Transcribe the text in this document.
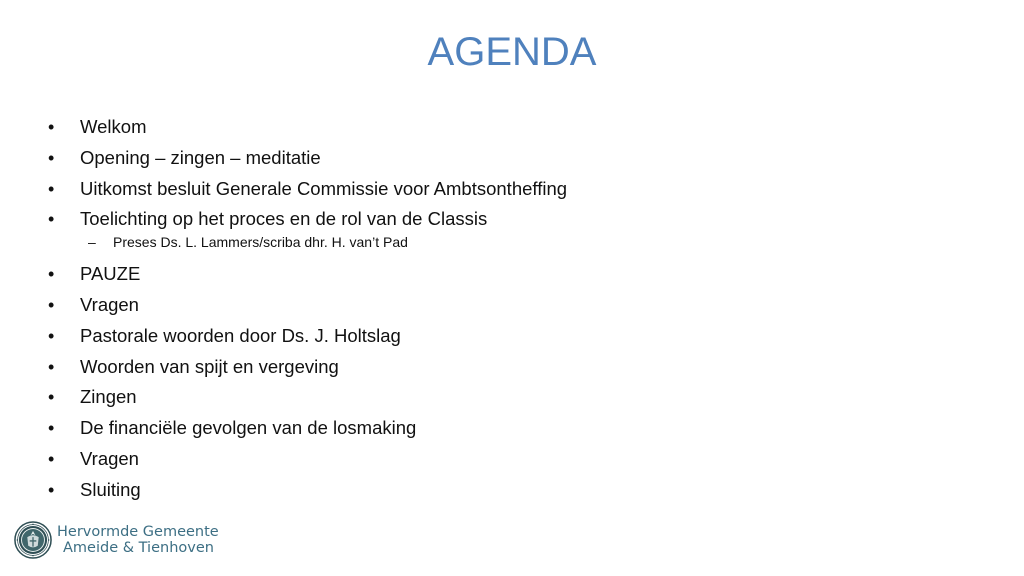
AGENDA
•	Welkom
•	Opening – zingen – meditatie
•	Uitkomst besluit Generale Commissie voor Ambtsontheffing
•	Toelichting op het proces en de rol van de Classis
–	Preses Ds. L. Lammers/scriba dhr. H. van’t Pad
•	PAUZE
•	Vragen
•	Pastorale woorden door Ds. J. Holtslag
•	Woorden van spijt en vergeving
•	Zingen
•	De financiële gevolgen van de losmaking
•	Vragen
•	Sluiting
Hervormde Gemeente
Ameide & Tienhoven
